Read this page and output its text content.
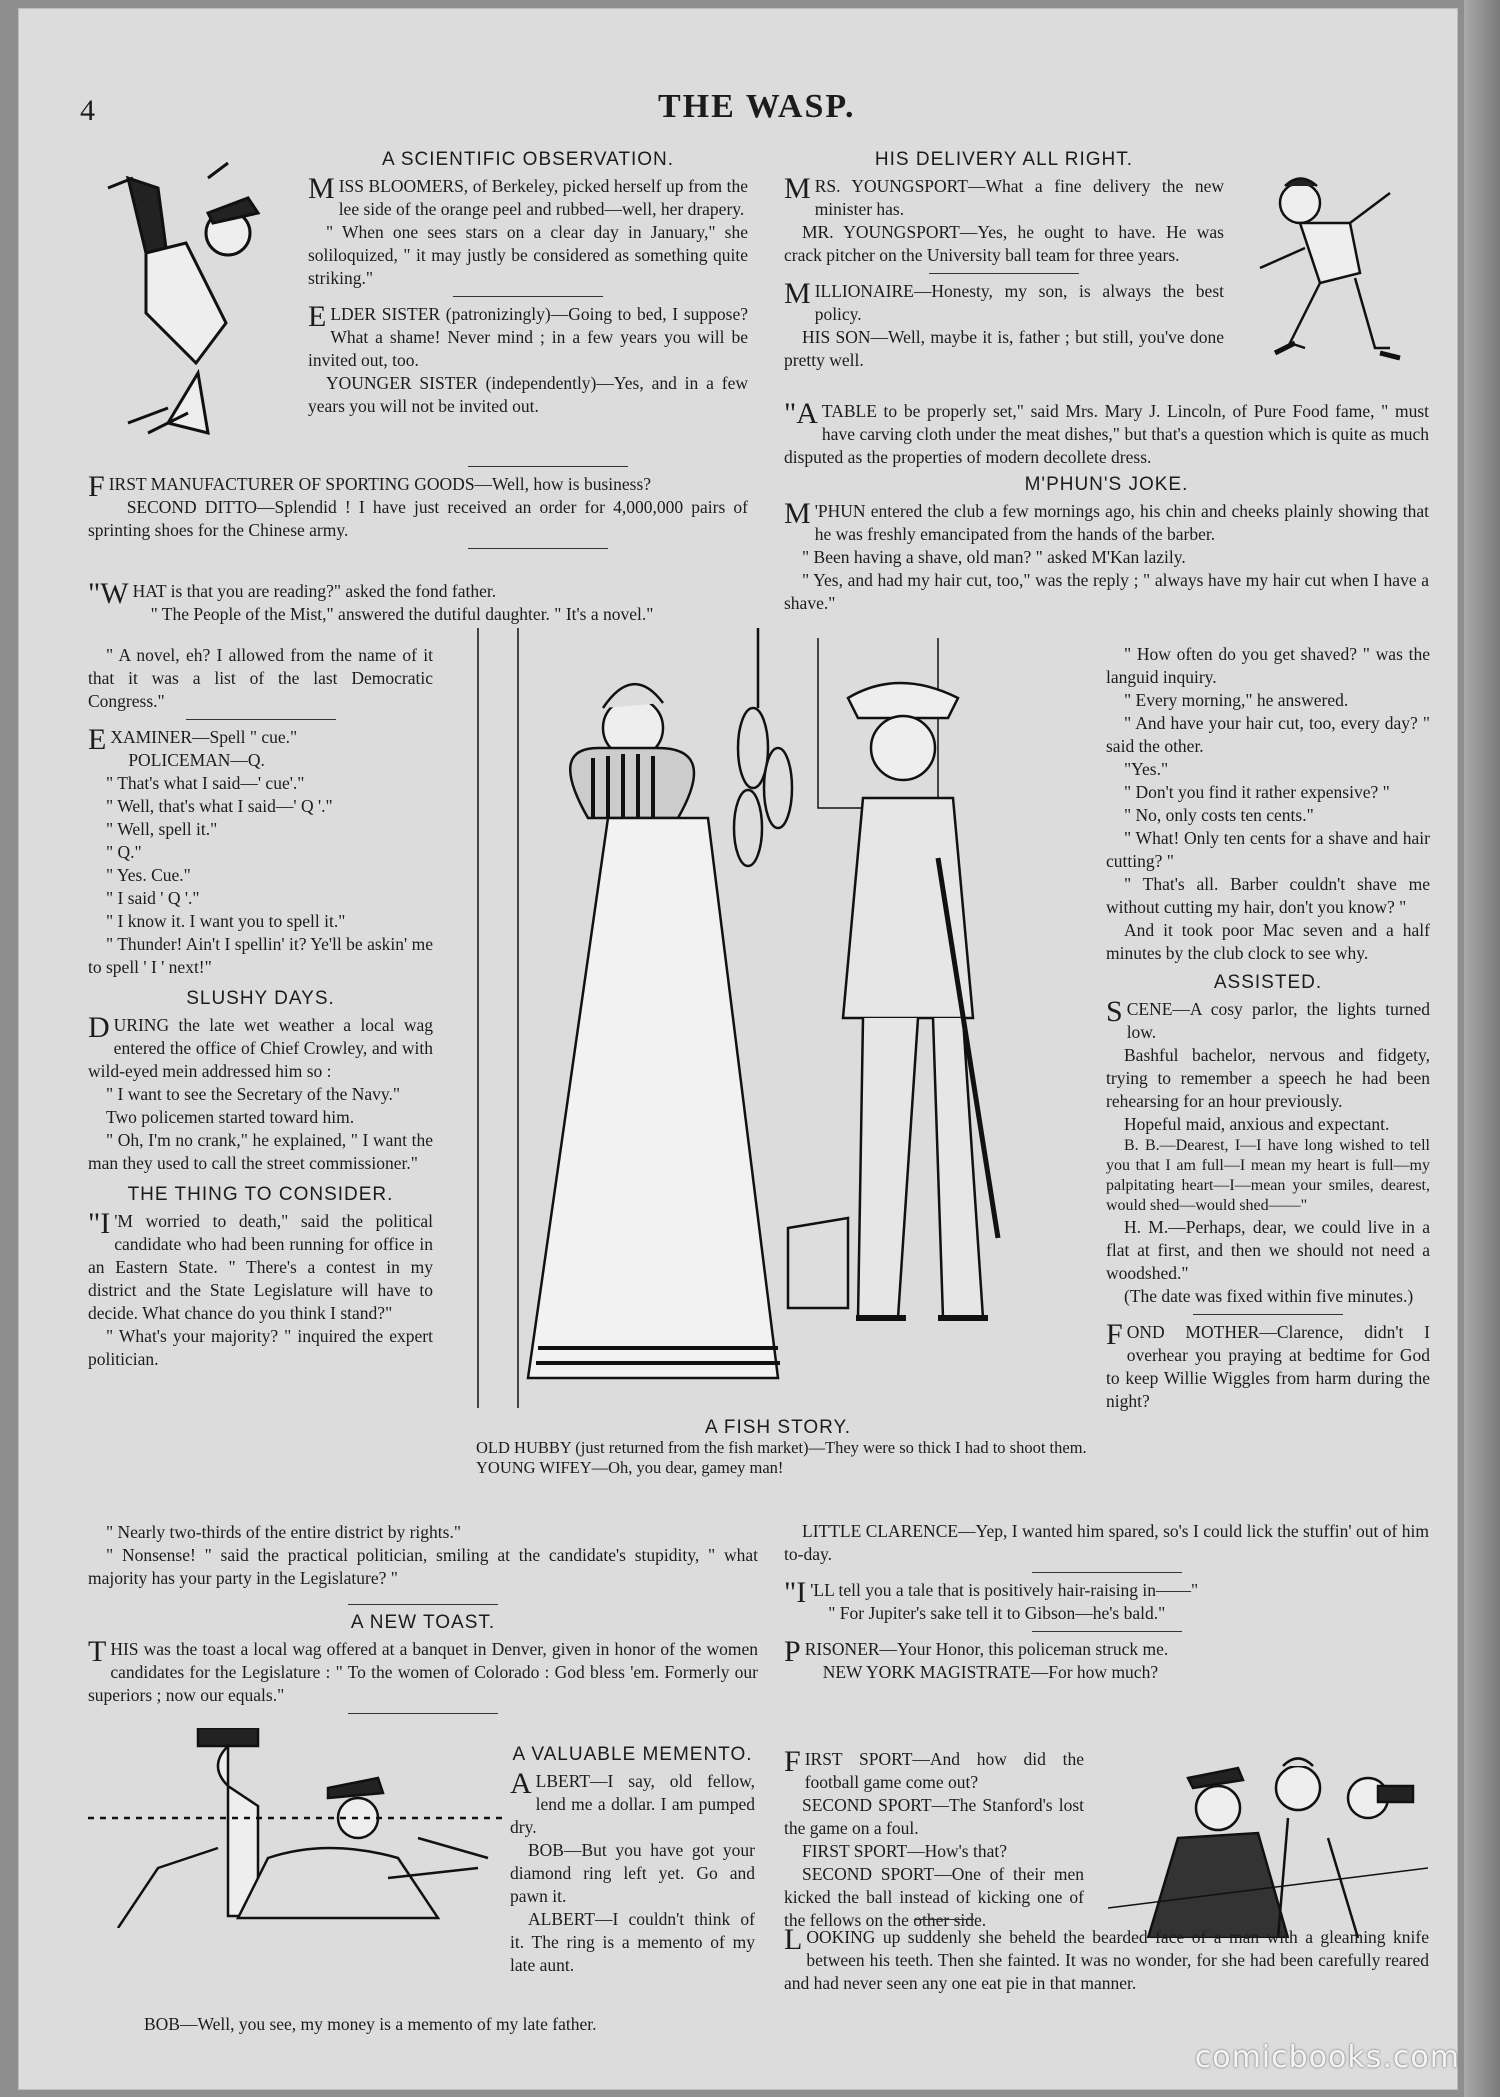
4	THE WASP.
A SCIENTIFIC OBSERVATION.

MISS BLOOMERS, of Berkeley, picked herself up from the lee side of the orange peel and rubbed—well, her drapery.

" When one sees stars on a clear day in January," she soliloquized, " it may justly be considered as something quite striking."

ELDER SISTER (patronizingly)—Going to bed, I suppose? What a shame! Never mind ; in a few years you will be invited out, too.

YOUNGER SISTER (independently)—Yes, and in a few years you will not be invited out.

FIRST MANUFACTURER OF SPORTING GOODS—Well, how is business?

SECOND DITTO—Splendid ! I have just received an order for 4,000,000 pairs of sprinting shoes for the Chinese army.

"WHAT is that you are reading?" asked the fond father.

" The People of the Mist," answered the dutiful daughter. " It's a novel."

" A novel, eh? I allowed from the name of it that it was a list of the last Democratic Congress."

EXAMINER—Spell " cue."

POLICEMAN—Q.

" That's what I said—' cue'."

" Well, that's what I said—' Q '."

" Well, spell it."

" Q."

" Yes. Cue."

" I said ' Q '."

" I know it. I want you to spell it."

" Thunder! Ain't I spellin' it? Ye'll be askin' me to spell ' I ' next!"

SLUSHY DAYS.

DURING the late wet weather a local wag entered the office of Chief Crowley, and with wild-eyed mein addressed him so :

" I want to see the Secretary of the Navy."

Two policemen started toward him.

" Oh, I'm no crank," he explained, " I want the man they used to call the street commissioner."

THE THING TO CONSIDER.

"I 'M worried to death," said the political candidate who had been running for office in an Eastern State. " There's a contest in my district and the State Legislature will have to decide. What chance do you think I stand?"

" What's your majority? " inquired the expert politician.

" Nearly two-thirds of the entire district by rights."

" Nonsense! " said the practical politician, smiling at the candidate's stupidity, " what majority has your party in the Legislature? "

A NEW TOAST.

THIS was the toast a local wag offered at a banquet in Denver, given in honor of the women candidates for the Legislature : " To the women of Colorado : God bless 'em. Formerly our superiors ; now our equals."

A VALUABLE MEMENTO.

ALBERT—I say, old fellow, lend me a dollar. I am pumped dry.

BOB—But you have got your diamond ring left yet. Go and pawn it.

ALBERT—I couldn't think of it. The ring is a memento of my late aunt.

BOB—Well, you see, my money is a memento of my late father.

HIS DELIVERY ALL RIGHT.

MRS. YOUNGSPORT—What a fine delivery the new minister has.

MR. YOUNGSPORT—Yes, he ought to have. He was crack pitcher on the University ball team for three years.

MILLIONAIRE—Honesty, my son, is always the best policy.

HIS SON—Well, maybe it is, father ; but still, you've done pretty well.

"ATABLE to be properly set," said Mrs. Mary J. Lincoln, of Pure Food fame, " must have carving cloth under the meat dishes," but that's a question which is quite as much disputed as the properties of modern decollete dress.

M'PHUN'S JOKE.

M 'PHUN entered the club a few mornings ago, his chin and cheeks plainly showing that he was freshly emancipated from the hands of the barber.

" Been having a shave, old man? " asked M'Kan lazily.

" Yes, and had my hair cut, too," was the reply ; " always have my hair cut when I have a shave."

" How often do you get shaved? " was the languid inquiry.

" Every morning," he answered.

" And have your hair cut, too, every day? " said the other.

"Yes."

" Don't you find it rather expensive? "

" No, only costs ten cents."

" What! Only ten cents for a shave and hair cutting? "

" That's all. Barber couldn't shave me without cutting my hair, don't you know? "

And it took poor Mac seven and a half minutes by the club clock to see why.

ASSISTED.

SCENE—A cosy parlor, the lights turned low.

Bashful bachelor, nervous and fidgety, trying to remember a speech he had been rehearsing for an hour previously.

Hopeful maid, anxious and expectant.

B. B.—Dearest, I—I have long wished to tell you that I am full—I mean my heart is full—my palpitating heart—I—mean your smiles, dearest, would shed—would shed——"

H. M.—Perhaps, dear, we could live in a flat at first, and then we should not need a woodshed."

(The date was fixed within five minutes.)

FOND MOTHER—Clarence, didn't I overhear you praying at bedtime for God to keep Willie Wiggles from harm during the night?

A FISH STORY.

OLD HUBBY (just returned from the fish market)—They were so thick I had to shoot them.

YOUNG WIFEY—Oh, you dear, gamey man!

LITTLE CLARENCE—Yep, I wanted him spared, so's I could lick the stuffin' out of him to-day.

"I 'LL tell you a tale that is positively hair-raising in——"

" For Jupiter's sake tell it to Gibson—he's bald."

PRISONER—Your Honor, this policeman struck me.

NEW YORK MAGISTRATE—For how much?

FIRST SPORT—And how did the football game come out?

SECOND SPORT—The Stanford's lost the game on a foul.

FIRST SPORT—How's that?

SECOND SPORT—One of their men kicked the ball instead of kicking one of the fellows on the other side.

LOOKING up suddenly she beheld the bearded face of a man with a gleaming knife between his teeth. Then she fainted. It was no wonder, for she had been carefully reared and had never seen any one eat pie in that manner.

comicbooks.com
